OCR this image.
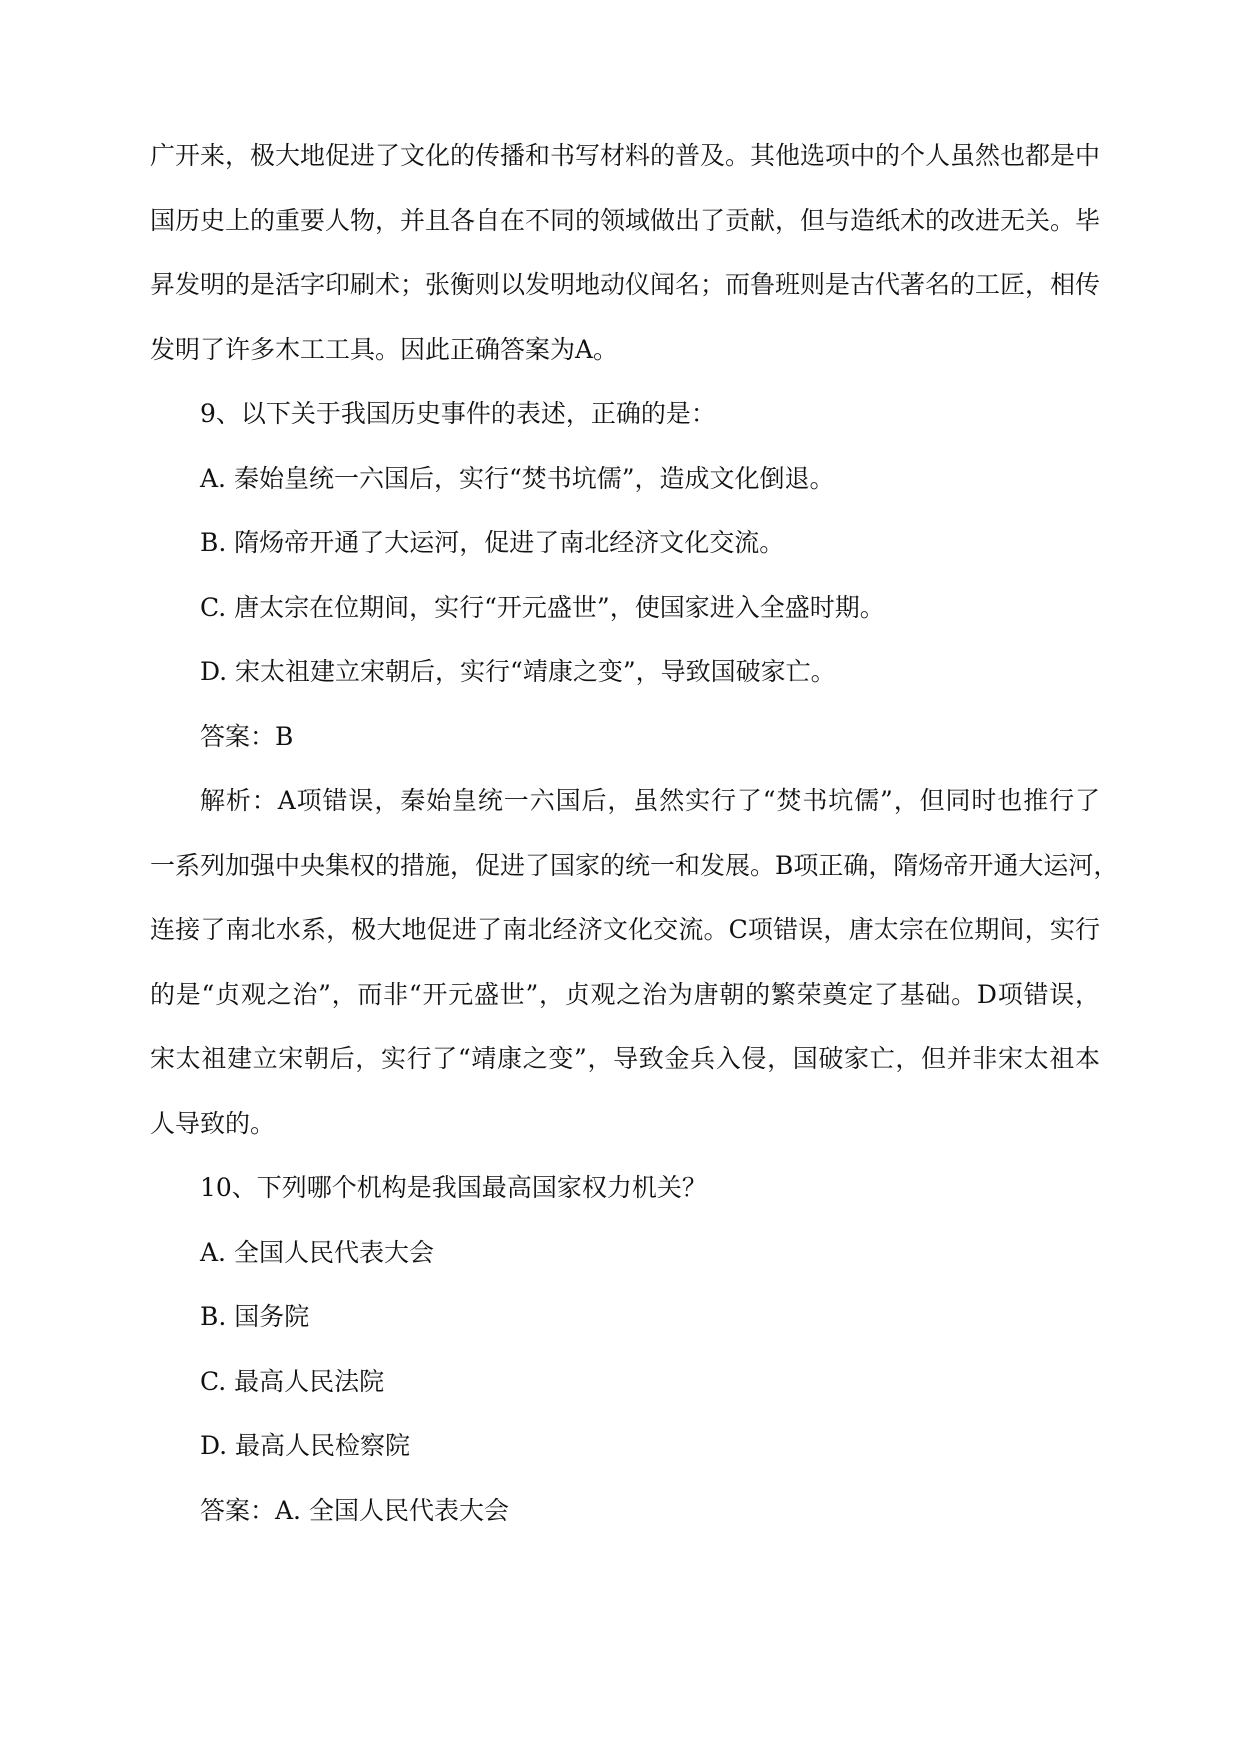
广开来，极大地促进了文化的传播和书写材料的普及。其他选项中的个人虽然也都是中
国历史上的重要人物，并且各自在不同的领域做出了贡献，但与造纸术的改进无关。毕
昇发明的是活字印刷术；张衡则以发明地动仪闻名；而鲁班则是古代著名的工匠，相传
发明了许多木工工具。因此正确答案为A。
9、以下关于我国历史事件的表述，正确的是：
A. 秦始皇统一六国后，实行“焚书坑儒”，造成文化倒退。
B. 隋炀帝开通了大运河，促进了南北经济文化交流。
C. 唐太宗在位期间，实行“开元盛世”，使国家进入全盛时期。
D. 宋太祖建立宋朝后，实行“靖康之变”，导致国破家亡。
答案：B
解析：A项错误，秦始皇统一六国后，虽然实行了“焚书坑儒”，但同时也推行了
一系列加强中央集权的措施，促进了国家的统一和发展。B项正确，隋炀帝开通大运河，
连接了南北水系，极大地促进了南北经济文化交流。C项错误，唐太宗在位期间，实行
的是“贞观之治”，而非“开元盛世”，贞观之治为唐朝的繁荣奠定了基础。D项错误，
宋太祖建立宋朝后，实行了“靖康之变”，导致金兵入侵，国破家亡，但并非宋太祖本
人导致的。
10、下列哪个机构是我国最高国家权力机关？
A. 全国人民代表大会
B. 国务院
C. 最高人民法院
D. 最高人民检察院
答案：A. 全国人民代表大会
